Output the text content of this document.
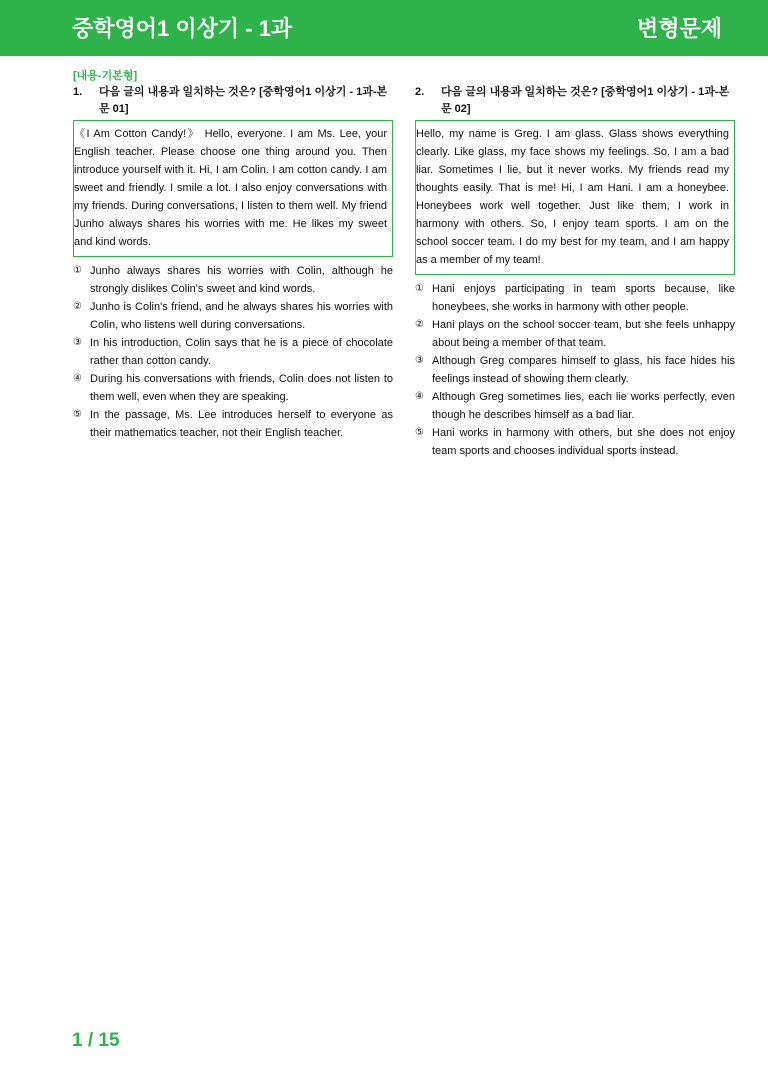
중학영어1 이상기 - 1과	변형문제
[내용-기본형]
1. 다음 글의 내용과 일치하는 것은? [중학영어1 이상기 - 1과-본문 01]
《I Am Cotton Candy!》 Hello, everyone. I am Ms. Lee, your English teacher. Please choose one thing around you. Then introduce yourself with it. Hi, I am Colin. I am cotton candy. I am sweet and friendly. I smile a lot. I also enjoy conversations with my friends. During conversations, I listen to them well. My friend Junho always shares his worries with me. He likes my sweet and kind words.
① Junho always shares his worries with Colin, although he strongly dislikes Colin's sweet and kind words.
② Junho is Colin's friend, and he always shares his worries with Colin, who listens well during conversations.
③ In his introduction, Colin says that he is a piece of chocolate rather than cotton candy.
④ During his conversations with friends, Colin does not listen to them well, even when they are speaking.
⑤ In the passage, Ms. Lee introduces herself to everyone as their mathematics teacher, not their English teacher.
2. 다음 글의 내용과 일치하는 것은? [중학영어1 이상기 - 1과-본문 02]
Hello, my name is Greg. I am glass. Glass shows everything clearly. Like glass, my face shows my feelings. So, I am a bad liar. Sometimes I lie, but it never works. My friends read my thoughts easily. That is me! Hi, I am Hani. I am a honeybee. Honeybees work well together. Just like them, I work in harmony with others. So, I enjoy team sports. I am on the school soccer team. I do my best for my team, and I am happy as a member of my team!
① Hani enjoys participating in team sports because, like honeybees, she works in harmony with other people.
② Hani plays on the school soccer team, but she feels unhappy about being a member of that team.
③ Although Greg compares himself to glass, his face hides his feelings instead of showing them clearly.
④ Although Greg sometimes lies, each lie works perfectly, even though he describes himself as a bad liar.
⑤ Hani works in harmony with others, but she does not enjoy team sports and chooses individual sports instead.
1 / 15
